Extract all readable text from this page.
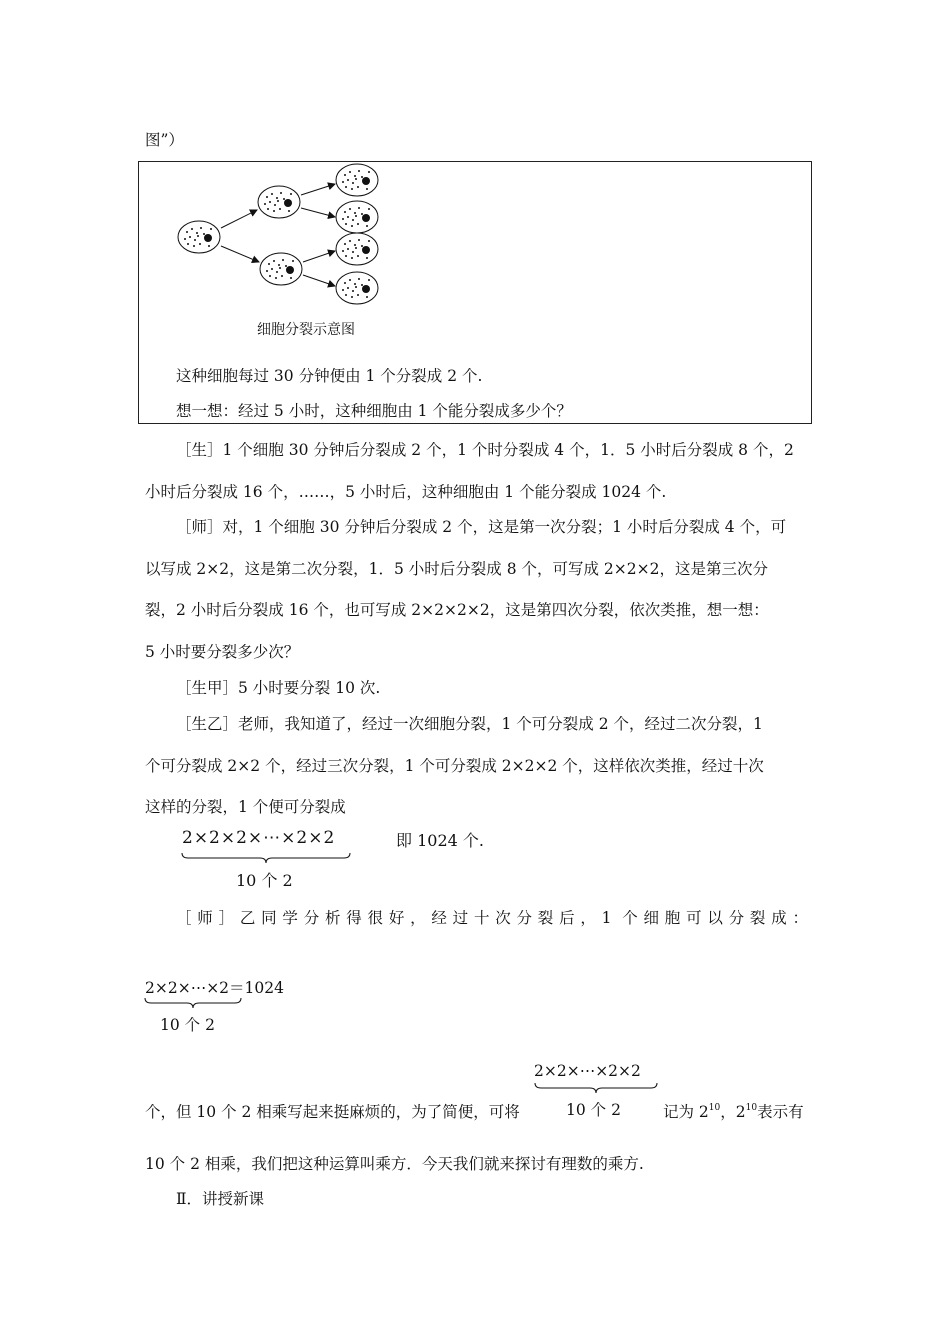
图”）
细胞分裂示意图
这种细胞每过 30 分钟便由 1 个分裂成 2 个.
想一想：经过 5 小时，这种细胞由 1 个能分裂成多少个？
［生］1 个细胞 30 分钟后分裂成 2 个，1 个时分裂成 4 个，1．5 小时后分裂成 8 个，2
小时后分裂成 16 个，……，5 小时后，这种细胞由 1 个能分裂成 1024 个.
［师］对，1 个细胞 30 分钟后分裂成 2 个，这是第一次分裂；1 小时后分裂成 4 个，可
以写成 2×2，这是第二次分裂，1．5 小时后分裂成 8 个，可写成 2×2×2，这是第三次分
裂，2 小时后分裂成 16 个，也可写成 2×2×2×2，这是第四次分裂，依次类推，想一想：
5 小时要分裂多少次？
［生甲］5 小时要分裂 10 次.
［生乙］老师，我知道了，经过一次细胞分裂，1 个可分裂成 2 个，经过二次分裂，1
个可分裂成 2×2 个，经过三次分裂，1 个可分裂成 2×2×2 个，这样依次类推，经过十次
这样的分裂，1 个便可分裂成
2×2×2×⋯×2×2
10 个 2
即 1024 个.
［师］乙同学分析得很好，经过十次分裂后，1 个细胞可以分裂成：
2×2×⋯×2＝1024
10 个 2
2×2×⋯×2×2
10 个 2
个，但 10 个 2 相乘写起来挺麻烦的，为了简便，可将	记为 $2^{10}$，$2^{10}$表示有
10 个 2 相乘，我们把这种运算叫乘方．今天我们就来探讨有理数的乘方.
Ⅱ．讲授新课
